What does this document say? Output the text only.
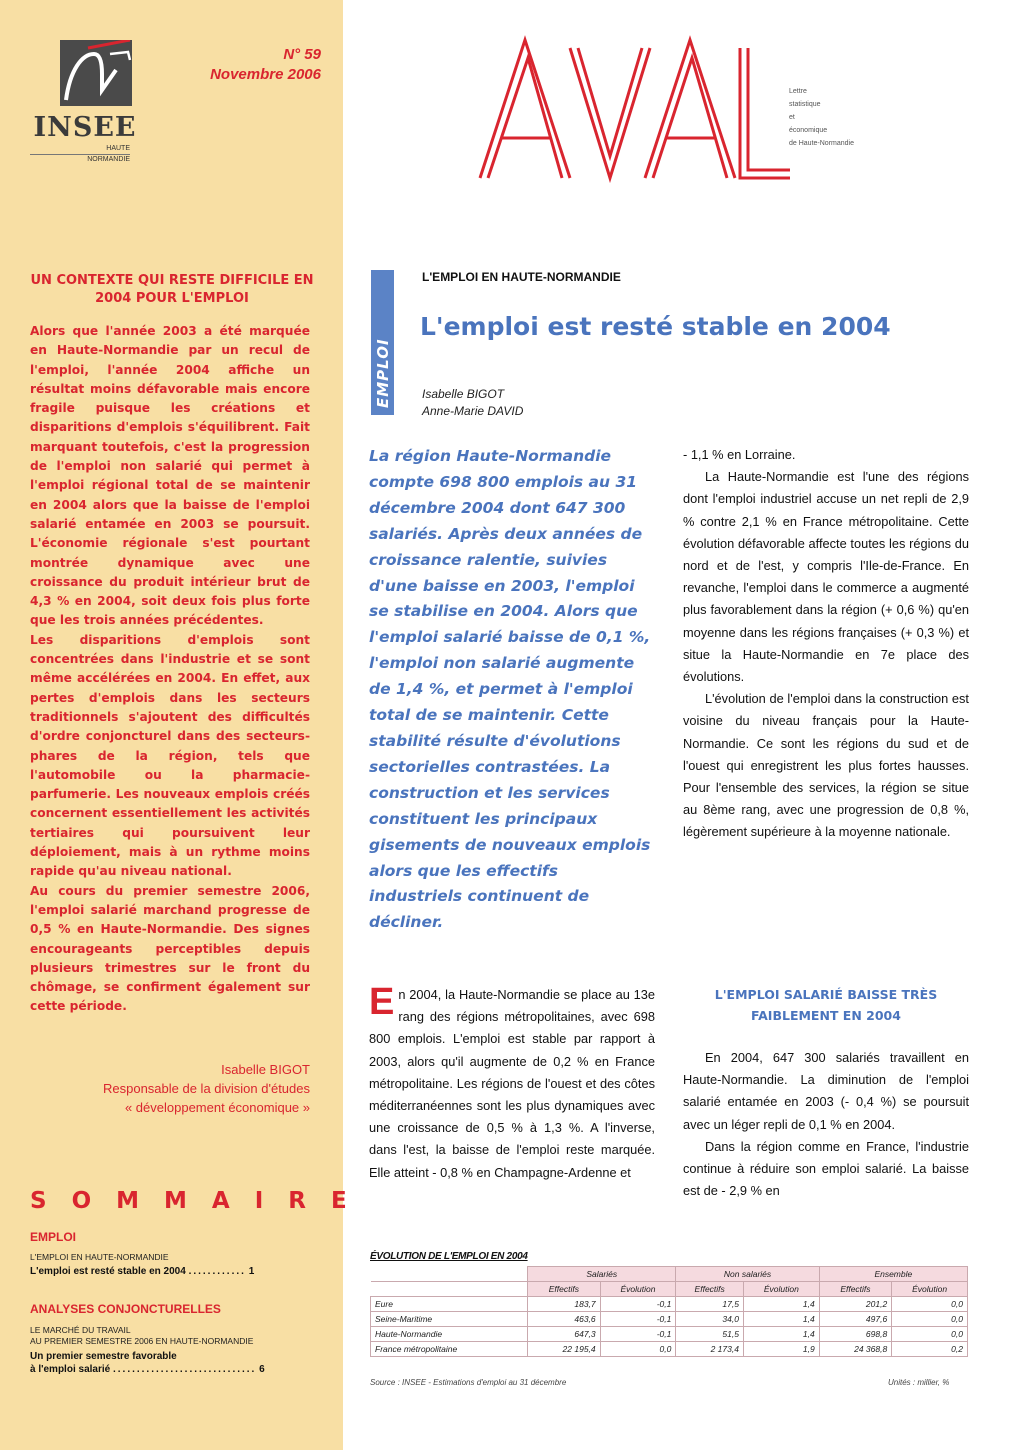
INSEE
HAUTE
NORMANDIE
N° 59
Novembre 2006
UN CONTEXTE QUI RESTE DIFFICILE EN 2004 POUR L'EMPLOI

Alors que l'année 2003 a été marquée en Haute-Normandie par un recul de l'emploi, l'année 2004 affiche un résultat moins défavorable mais encore fragile puisque les créations et disparitions d'emplois s'équilibrent. Fait marquant toutefois, c'est la progression de l'emploi non salarié qui permet à l'emploi régional total de se maintenir en 2004 alors que la baisse de l'emploi salarié entamée en 2003 se poursuit. L'économie régionale s'est pourtant montrée dynamique avec une croissance du produit intérieur brut de 4,3 % en 2004, soit deux fois plus forte que les trois années précédentes.

Les disparitions d'emplois sont concentrées dans l'industrie et se sont même accélérées en 2004. En effet, aux pertes d'emplois dans les secteurs traditionnels s'ajoutent des difficultés d'ordre conjoncturel dans des secteurs-phares de la région, tels que l'automobile ou la pharmacie-parfumerie. Les nouveaux emplois créés concernent essentiellement les activités tertiaires qui poursuivent leur déploiement, mais à un rythme moins rapide qu'au niveau national.

Au cours du premier semestre 2006, l'emploi salarié marchand progresse de 0,5 % en Haute-Normandie. Des signes encourageants perceptibles depuis plusieurs trimestres sur le front du chômage, se confirment également sur cette période.

Isabelle BIGOT
Responsable de la division d'études
« développement économique »
SOMMAIRE
EMPLOI
L'EMPLOI EN HAUTE-NORMANDIE
L'emploi est resté stable en 2004 ............ 1
ANALYSES CONJONCTURELLES
LE MARCHÉ DU TRAVAIL
AU PREMIER SEMESTRE 2006 EN HAUTE-NORMANDIE
Un premier semestre favorable
à l'emploi salarié .............................. 6
Lettre
statistique
et
économique
de Haute-Normandie
EMPLOI
L'EMPLOI EN HAUTE-NORMANDIE
L'emploi est resté stable en 2004
Isabelle BIGOT
Anne-Marie DAVID
La région Haute-Normandie compte 698 800 emplois au 31 décembre 2004 dont 647 300 salariés. Après deux années de croissance ralentie, suivies d'une baisse en 2003, l'emploi se stabilise en 2004. Alors que l'emploi salarié baisse de 0,1 %, l'emploi non salarié augmente de 1,4 %, et permet à l'emploi total de se maintenir. Cette stabilité résulte d'évolutions sectorielles contrastées. La construction et les services constituent les principaux gisements de nouveaux emplois alors que les effectifs industriels continuent de décliner.

En 2004, la Haute-Normandie se place au 13e rang des régions métropolitaines, avec 698 800 emplois. L'emploi est stable par rapport à 2003, alors qu'il augmente de 0,2 % en France métropolitaine. Les régions de l'ouest et des côtes méditerranéennes sont les plus dynamiques avec une croissance de 0,5 % à 1,3 %. A l'inverse, dans l'est, la baisse de l'emploi reste marquée. Elle atteint - 0,8 % en Champagne-Ardenne et

- 1,1 % en Lorraine.

La Haute-Normandie est l'une des régions dont l'emploi industriel accuse un net repli de 2,9 % contre 2,1 % en France métropolitaine. Cette évolution défavorable affecte toutes les régions du nord et de l'est, y compris l'Ile-de-France. En revanche, l'emploi dans le commerce a augmenté plus favorablement dans la région (+ 0,6 %) qu'en moyenne dans les régions françaises (+ 0,3 %) et situe la Haute-Normandie en 7e place des évolutions.

L'évolution de l'emploi dans la construction est voisine du niveau français pour la Haute-Normandie. Ce sont les régions du sud et de l'ouest qui enregistrent les plus fortes hausses. Pour l'ensemble des services, la région se situe au 8ème rang, avec une progression de 0,8 %, légèrement supérieure à la moyenne nationale.

L'EMPLOI SALARIÉ BAISSE TRÈS FAIBLEMENT EN 2004

En 2004, 647 300 salariés travaillent en Haute-Normandie. La diminution de l'emploi salarié entamée en 2003 (- 0,4 %) se poursuit avec un léger repli de 0,1 % en 2004.

Dans la région comme en France, l'industrie continue à réduire son emploi salarié. La baisse est de - 2,9 % en

ÉVOLUTION DE L'EMPLOI EN 2004
	Salariés		Non salariés		Ensemble	
	Effectifs	Évolution	Effectifs	Évolution	Effectifs	Évolution
Eure	183,7	-0,1	17,5	1,4	201,2	0,0
Seine-Maritime	463,6	-0,1	34,0	1,4	497,6	0,0
Haute-Normandie	647,3	-0,1	51,5	1,4	698,8	0,0
France métropolitaine	22 195,4	0,0	2 173,4	1,9	24 368,8	0,2
Source : INSEE - Estimations d'emploi au 31 décembre	Unités : millier, %
